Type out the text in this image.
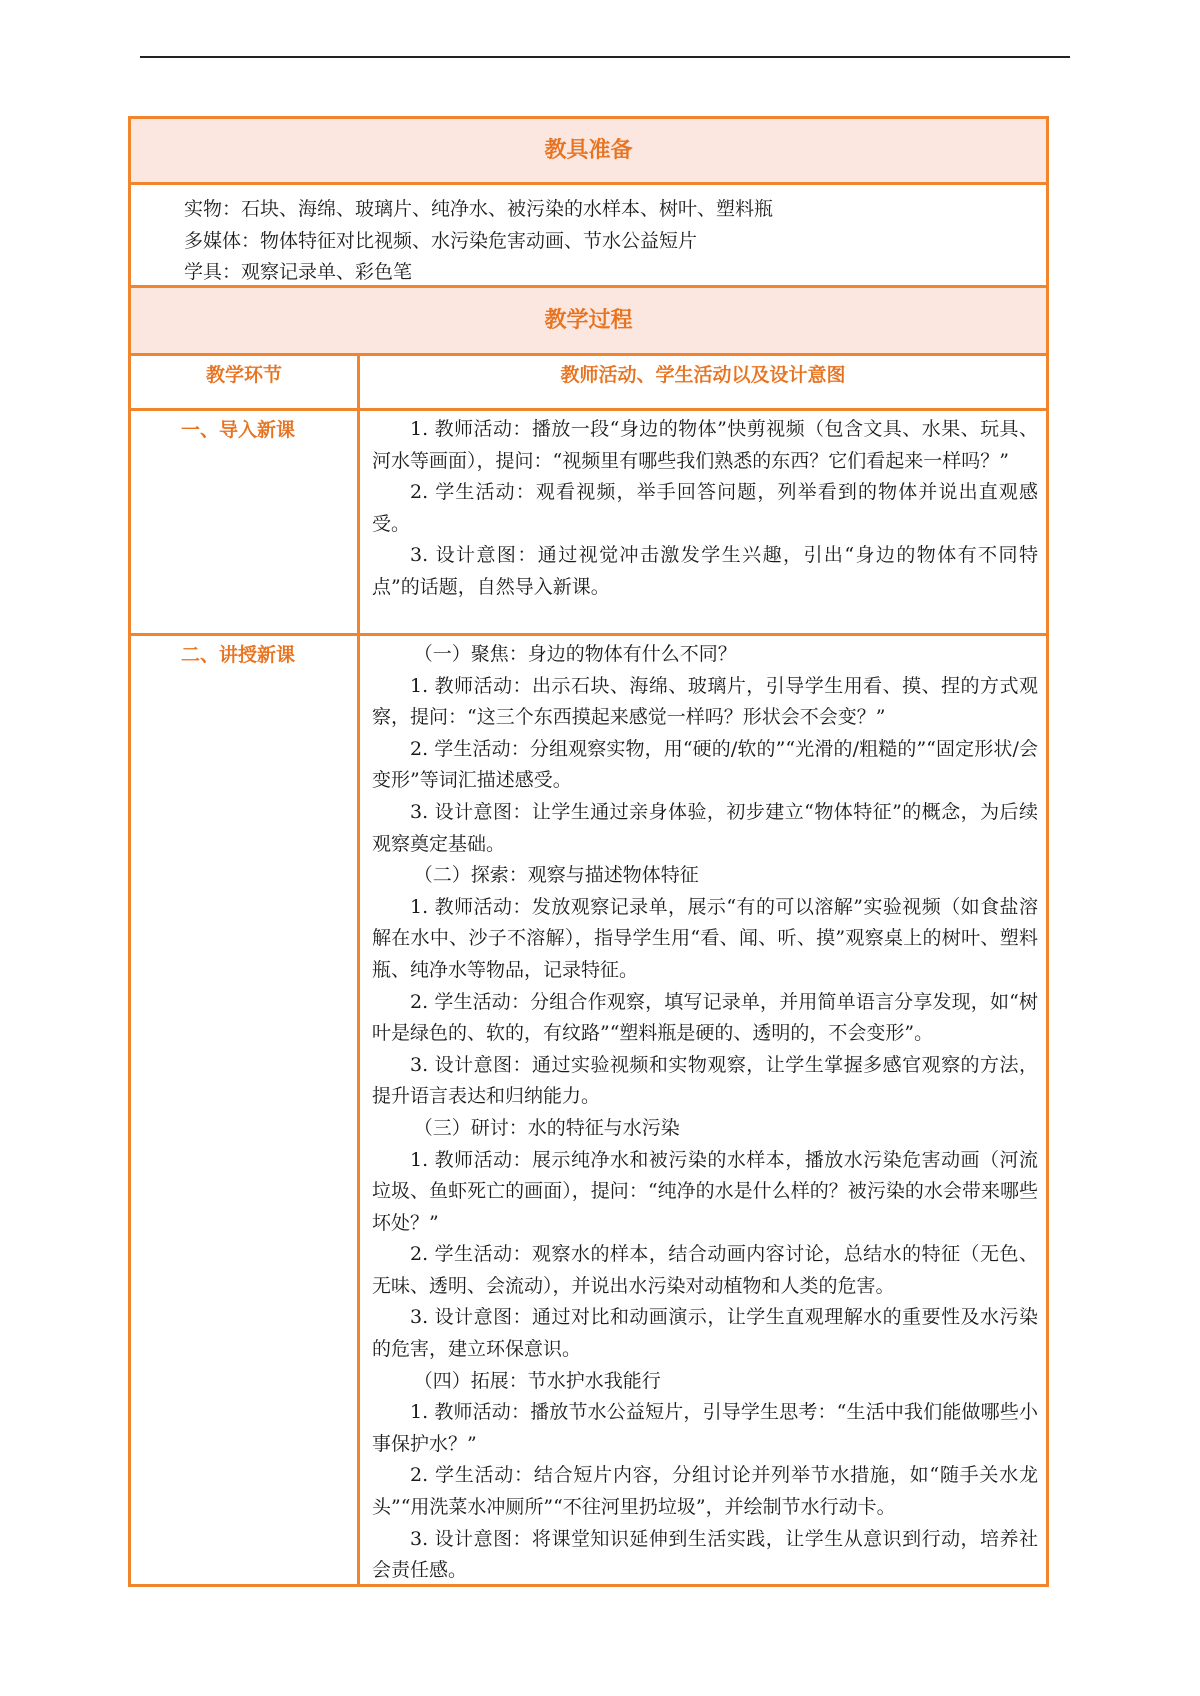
教具准备
实物：石块、海绵、玻璃片、纯净水、被污染的水样本、树叶、塑料瓶
多媒体：物体特征对比视频、水污染危害动画、节水公益短片
学具：观察记录单、彩色笔
教学过程
教学环节	教师活动、学生活动以及设计意图
一、导入新课	1. 教师活动：播放一段“身边的物体”快剪视频（包含文具、水果、玩具、河水等画面），提问：“视频里有哪些我们熟悉的东西？它们看起来一样吗？”

2. 学生活动：观看视频，举手回答问题，列举看到的物体并说出直观感受。

3. 设计意图：通过视觉冲击激发学生兴趣，引出“身边的物体有不同特点”的话题，自然导入新课。

二、讲授新课	（一）聚焦：身边的物体有什么不同？

1. 教师活动：出示石块、海绵、玻璃片，引导学生用看、摸、捏的方式观察，提问：“这三个东西摸起来感觉一样吗？形状会不会变？”

2. 学生活动：分组观察实物，用“硬的/软的”“光滑的/粗糙的”“固定形状/会变形”等词汇描述感受。

3. 设计意图：让学生通过亲身体验，初步建立“物体特征”的概念，为后续观察奠定基础。

（二）探索：观察与描述物体特征

1. 教师活动：发放观察记录单，展示“有的可以溶解”实验视频（如食盐溶解在水中、沙子不溶解），指导学生用“看、闻、听、摸”观察桌上的树叶、塑料瓶、纯净水等物品，记录特征。

2. 学生活动：分组合作观察，填写记录单，并用简单语言分享发现，如“树叶是绿色的、软的，有纹路”“塑料瓶是硬的、透明的，不会变形”。

3. 设计意图：通过实验视频和实物观察，让学生掌握多感官观察的方法，提升语言表达和归纳能力。

（三）研讨：水的特征与水污染

1. 教师活动：展示纯净水和被污染的水样本，播放水污染危害动画（河流垃圾、鱼虾死亡的画面），提问：“纯净的水是什么样的？被污染的水会带来哪些坏处？”

2. 学生活动：观察水的样本，结合动画内容讨论，总结水的特征（无色、无味、透明、会流动），并说出水污染对动植物和人类的危害。

3. 设计意图：通过对比和动画演示，让学生直观理解水的重要性及水污染的危害，建立环保意识。

（四）拓展：节水护水我能行

1. 教师活动：播放节水公益短片，引导学生思考：“生活中我们能做哪些小事保护水？”

2. 学生活动：结合短片内容，分组讨论并列举节水措施，如“随手关水龙头”“用洗菜水冲厕所”“不往河里扔垃圾”，并绘制节水行动卡。

3. 设计意图：将课堂知识延伸到生活实践，让学生从意识到行动，培养社会责任感。
